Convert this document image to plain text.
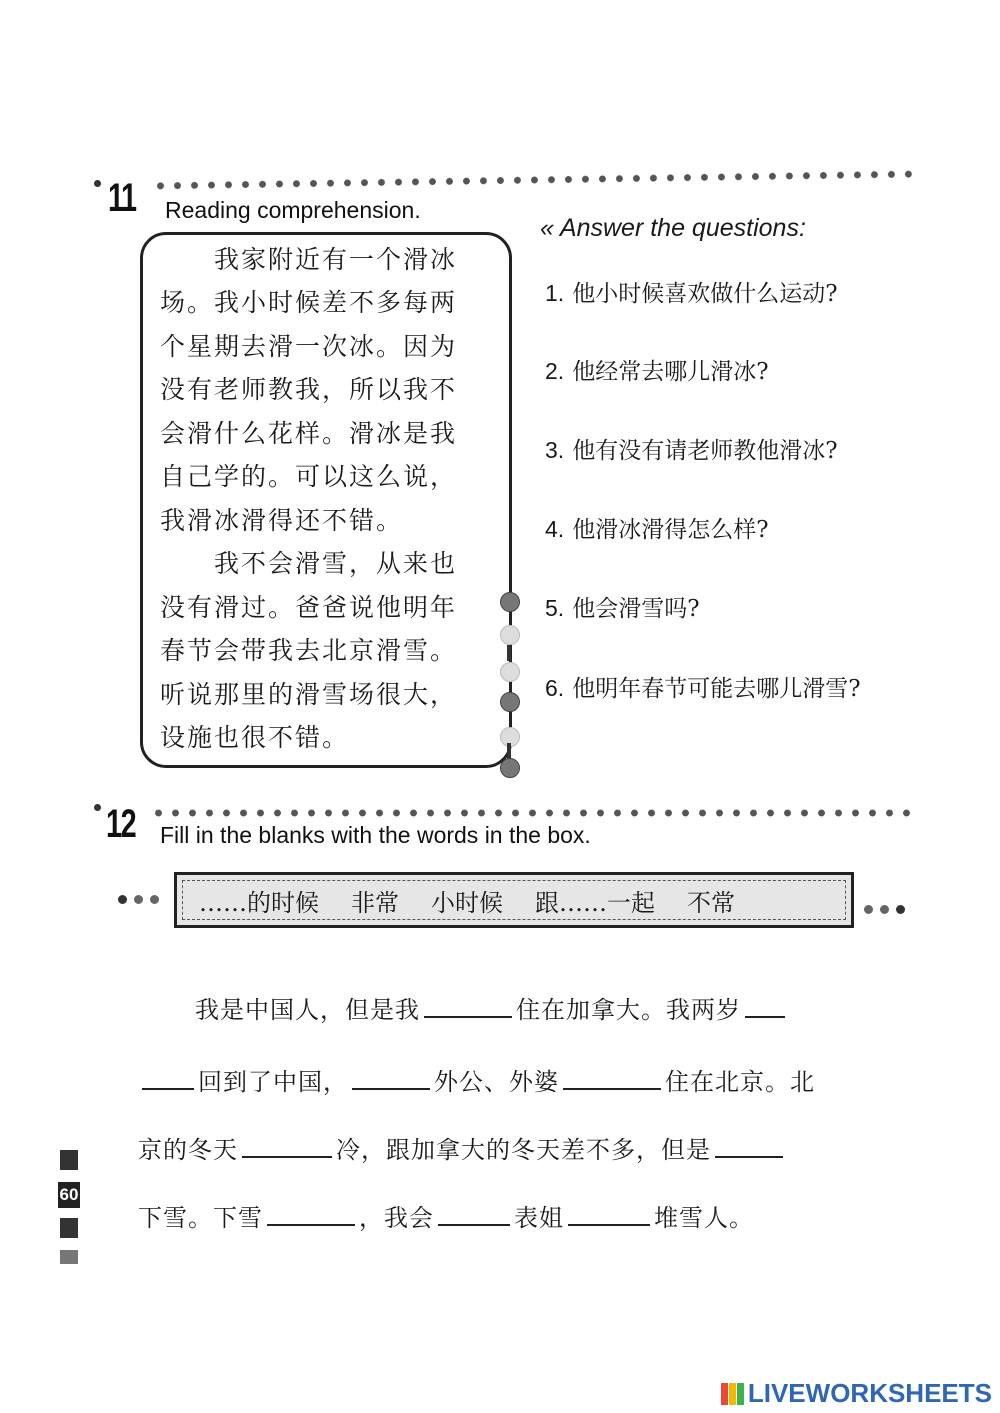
11 Reading comprehension.
　　我家附近有一个滑冰
场。我小时候差不多每两
个星期去滑一次冰。因为
没有老师教我，所以我不
会滑什么花样。滑冰是我
自己学的。可以这么说，
我滑冰滑得还不错。
　　我不会滑雪，从来也
没有滑过。爸爸说他明年
春节会带我去北京滑雪。
听说那里的滑雪场很大，
设施也很不错。
« Answer the questions:
1. 他小时候喜欢做什么运动?
2. 他经常去哪儿滑冰?
3. 他有没有请老师教他滑冰?
4. 他滑冰滑得怎么样?
5. 他会滑雪吗?
6. 他明年春节可能去哪儿滑雪?
12 Fill in the blanks with the words in the box.
……的时候 非常 小时候 跟……一起 不常
我是中国人，但是我	住在加拿大。我两岁
回到了中国，	外公、外婆	住在北京。北
京的冬天	冷，跟加拿大的冬天差不多，但是
下雪。下雪	，我会	表姐	堆雪人。
60
LIVEWORKSHEETS
